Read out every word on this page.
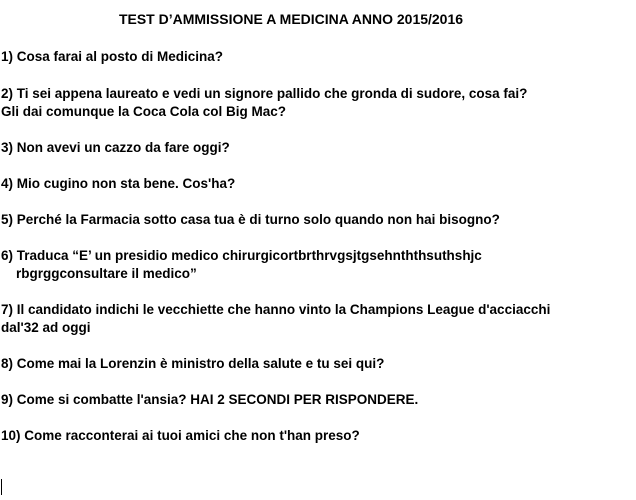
TEST D’AMMISSIONE A MEDICINA ANNO 2015/2016
1) Cosa farai al posto di Medicina?
2) Ti sei appena laureato e vedi un signore pallido che gronda di sudore, cosa fai?
Gli dai comunque la Coca Cola col Big Mac?
3) Non avevi un cazzo da fare oggi?
4) Mio cugino non sta bene. Cos'ha?
5) Perché la Farmacia sotto casa tua è di turno solo quando non hai bisogno?
6) Traduca “E’ un presidio medico chirurgicortbrthrvgsjtgsehnththsuthshjc
rbgrggconsultare il medico”
7) Il candidato indichi le vecchiette che hanno vinto la Champions League d'acciacchi
dal'32 ad oggi
8) Come mai la Lorenzin è ministro della salute e tu sei qui?
9) Come si combatte l'ansia? HAI 2 SECONDI PER RISPONDERE.
10) Come racconterai ai tuoi amici che non t'han preso?
